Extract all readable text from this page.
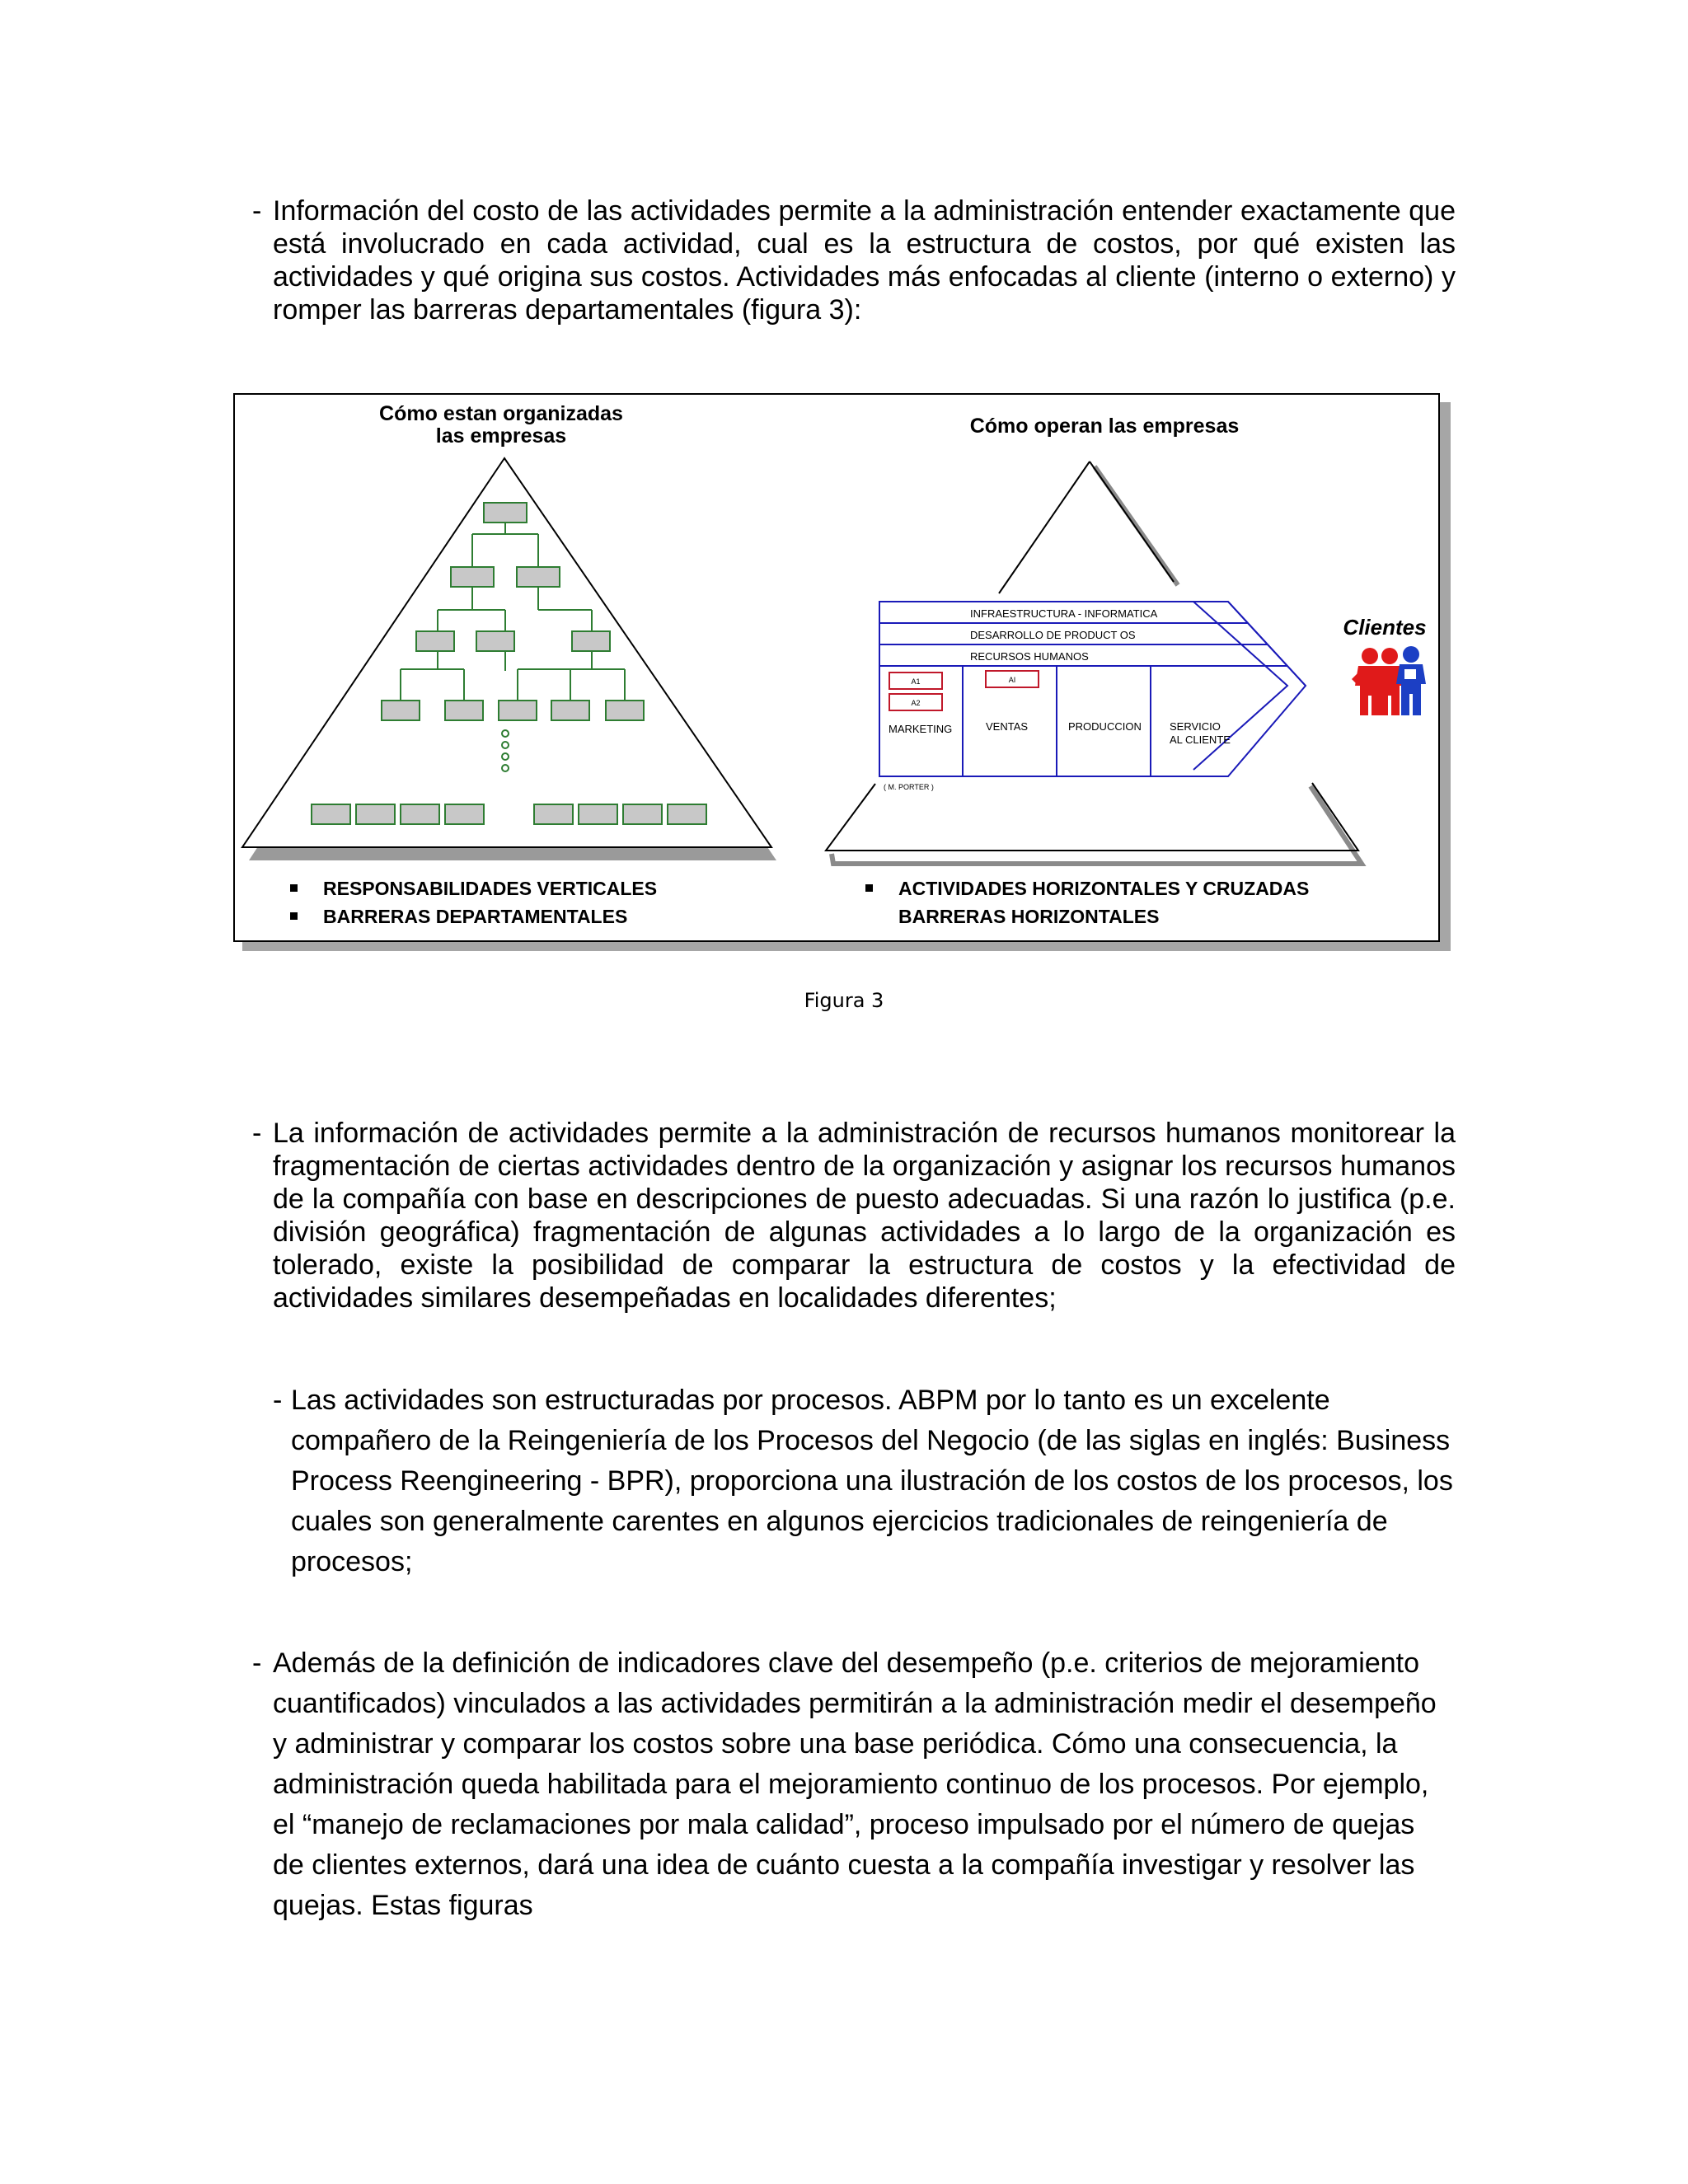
- Información del costo de las actividades permite a la administración entender exactamente que está involucrado en cada actividad, cual es la estructura de costos, por qué existen las actividades y qué origina sus costos. Actividades más enfocadas al cliente (interno o externo) y romper las barreras departamentales (figura 3):
Cómo estan organizadas
las empresas
RESPONSABILIDADES VERTICALES
BARRERAS DEPARTAMENTALES
Cómo operan las empresas
INFRAESTRUCTURA - INFORMATICA
DESARROLLO DE PRODUCT OS
RECURSOS HUMANOS
A1
A2
AI
MARKETING	VENTAS	PRODUCCION	SERVICIO
AL CLIENTE
( M. PORTER )
Clientes
ACTIVIDADES HORIZONTALES Y CRUZADAS
BARRERAS HORIZONTALES
Figura 3
- La información de actividades permite a la administración de recursos humanos monitorear la fragmentación de ciertas actividades dentro de la organización y asignar los recursos humanos de la compañía con base en descripciones de puesto adecuadas. Si una razón lo justifica (p.e. división geográfica) fragmentación de algunas actividades a lo largo de la organización es tolerado, existe la posibilidad de comparar la estructura de costos y la efectividad de actividades similares desempeñadas en localidades diferentes;
- Las actividades son estructuradas por procesos. ABPM por lo tanto es un excelente compañero de la Reingeniería de los Procesos del Negocio (de las siglas en inglés: Business Process Reengineering - BPR), proporciona una ilustración de los costos de los procesos, los cuales son generalmente carentes en algunos ejercicios tradicionales de reingeniería de procesos;
- Además de la definición de indicadores clave del desempeño (p.e. criterios de mejoramiento cuantificados) vinculados a las actividades permitirán a la administración medir el desempeño y administrar y comparar los costos sobre una base periódica. Cómo una consecuencia, la administración queda habilitada para el mejoramiento continuo de los procesos. Por ejemplo, el “manejo de reclamaciones por mala calidad”, proceso impulsado por el número de quejas de clientes externos, dará una idea de cuánto cuesta a la compañía investigar y resolver las quejas. Estas figuras
